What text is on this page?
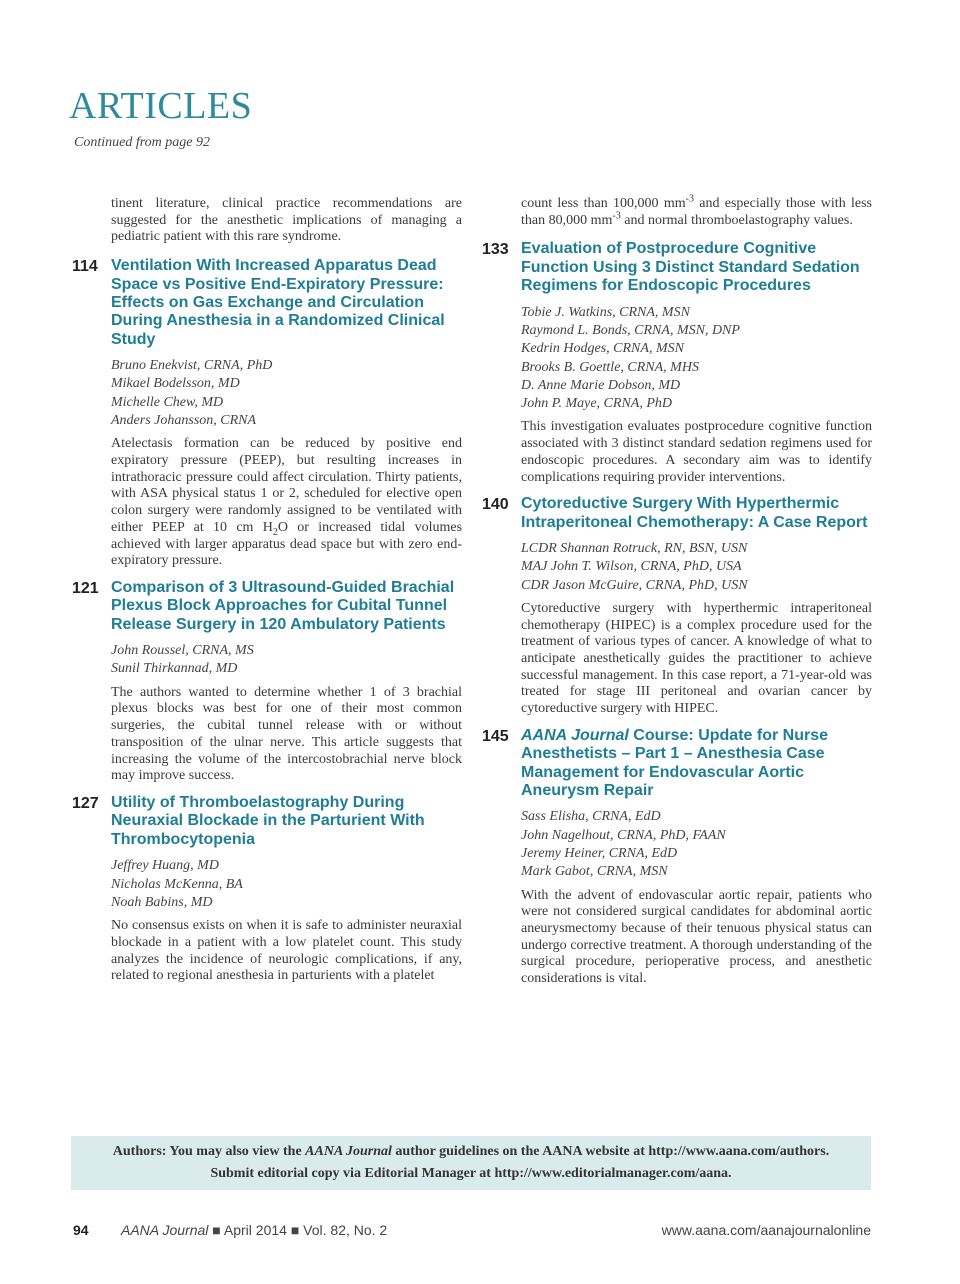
ARTICLES
Continued from page 92

tinent literature, clinical practice recommendations are suggested for the anesthetic implications of managing a pediatric patient with this rare syndrome.

114 Ventilation With Increased Apparatus Dead Space vs Positive End-Expiratory Pressure: Effects on Gas Exchange and Circulation During Anesthesia in a Randomized Clinical Study
Bruno Enekvist, CRNA, PhD
Mikael Bodelsson, MD
Michelle Chew, MD
Anders Johansson, CRNA

Atelectasis formation can be reduced by positive end expiratory pressure (PEEP), but resulting increases in intrathoracic pressure could affect circulation. Thirty patients, with ASA physical status 1 or 2, scheduled for elective open colon surgery were randomly assigned to be ventilated with either PEEP at 10 cm $H_2O$ or increased tidal volumes achieved with larger apparatus dead space but with zero end-expiratory pressure.

121 Comparison of 3 Ultrasound-Guided Brachial Plexus Block Approaches for Cubital Tunnel Release Surgery in 120 Ambulatory Patients
John Roussel, CRNA, MS
Sunil Thirkannad, MD

The authors wanted to determine whether 1 of 3 brachial plexus blocks was best for one of their most common surgeries, the cubital tunnel release with or without transposition of the ulnar nerve. This article suggests that increasing the volume of the intercostobrachial nerve block may improve success.

127 Utility of Thromboelastography During Neuraxial Blockade in the Parturient With Thrombocytopenia
Jeffrey Huang, MD
Nicholas McKenna, BA
Noah Babins, MD

No consensus exists on when it is safe to administer neuraxial blockade in a patient with a low platelet count. This study analyzes the incidence of neurologic complications, if any, related to regional anesthesia in parturients with a platelet

count less than 100,000 $mm^{-3}$ and especially those with less than 80,000 $mm^{-3}$ and normal thromboelastography values.

133 Evaluation of Postprocedure Cognitive Function Using 3 Distinct Standard Sedation Regimens for Endoscopic Procedures
Tobie J. Watkins, CRNA, MSN
Raymond L. Bonds, CRNA, MSN, DNP
Kedrin Hodges, CRNA, MSN
Brooks B. Goettle, CRNA, MHS
D. Anne Marie Dobson, MD
John P. Maye, CRNA, PhD

This investigation evaluates postprocedure cognitive function associated with 3 distinct standard sedation regimens used for endoscopic procedures. A secondary aim was to identify complications requiring provider interventions.

140 Cytoreductive Surgery With Hyperthermic Intraperitoneal Chemotherapy: A Case Report
LCDR Shannan Rotruck, RN, BSN, USN
MAJ John T. Wilson, CRNA, PhD, USA
CDR Jason McGuire, CRNA, PhD, USN

Cytoreductive surgery with hyperthermic intraperitoneal chemotherapy (HIPEC) is a complex procedure used for the treatment of various types of cancer. A knowledge of what to anticipate anesthetically guides the practitioner to achieve successful management. In this case report, a 71-year-old was treated for stage III peritoneal and ovarian cancer by cytoreductive surgery with HIPEC.

145 AANA Journal Course: Update for Nurse Anesthetists – Part 1 – Anesthesia Case Management for Endovascular Aortic Aneurysm Repair
Sass Elisha, CRNA, EdD
John Nagelhout, CRNA, PhD, FAAN
Jeremy Heiner, CRNA, EdD
Mark Gabot, CRNA, MSN

With the advent of endovascular aortic repair, patients who were not considered surgical candidates for abdominal aortic aneurysmectomy because of their tenuous physical status can undergo corrective treatment. A thorough understanding of the surgical procedure, perioperative process, and anesthetic considerations is vital.

Authors: You may also view the AANA Journal author guidelines on the AANA website at http://www.aana.com/authors.
Submit editorial copy via Editorial Manager at http://www.editorialmanager.com/aana.
94 AANA Journal ■ April 2014 ■ Vol. 82, No. 2	www.aana.com/aanajournalonline
